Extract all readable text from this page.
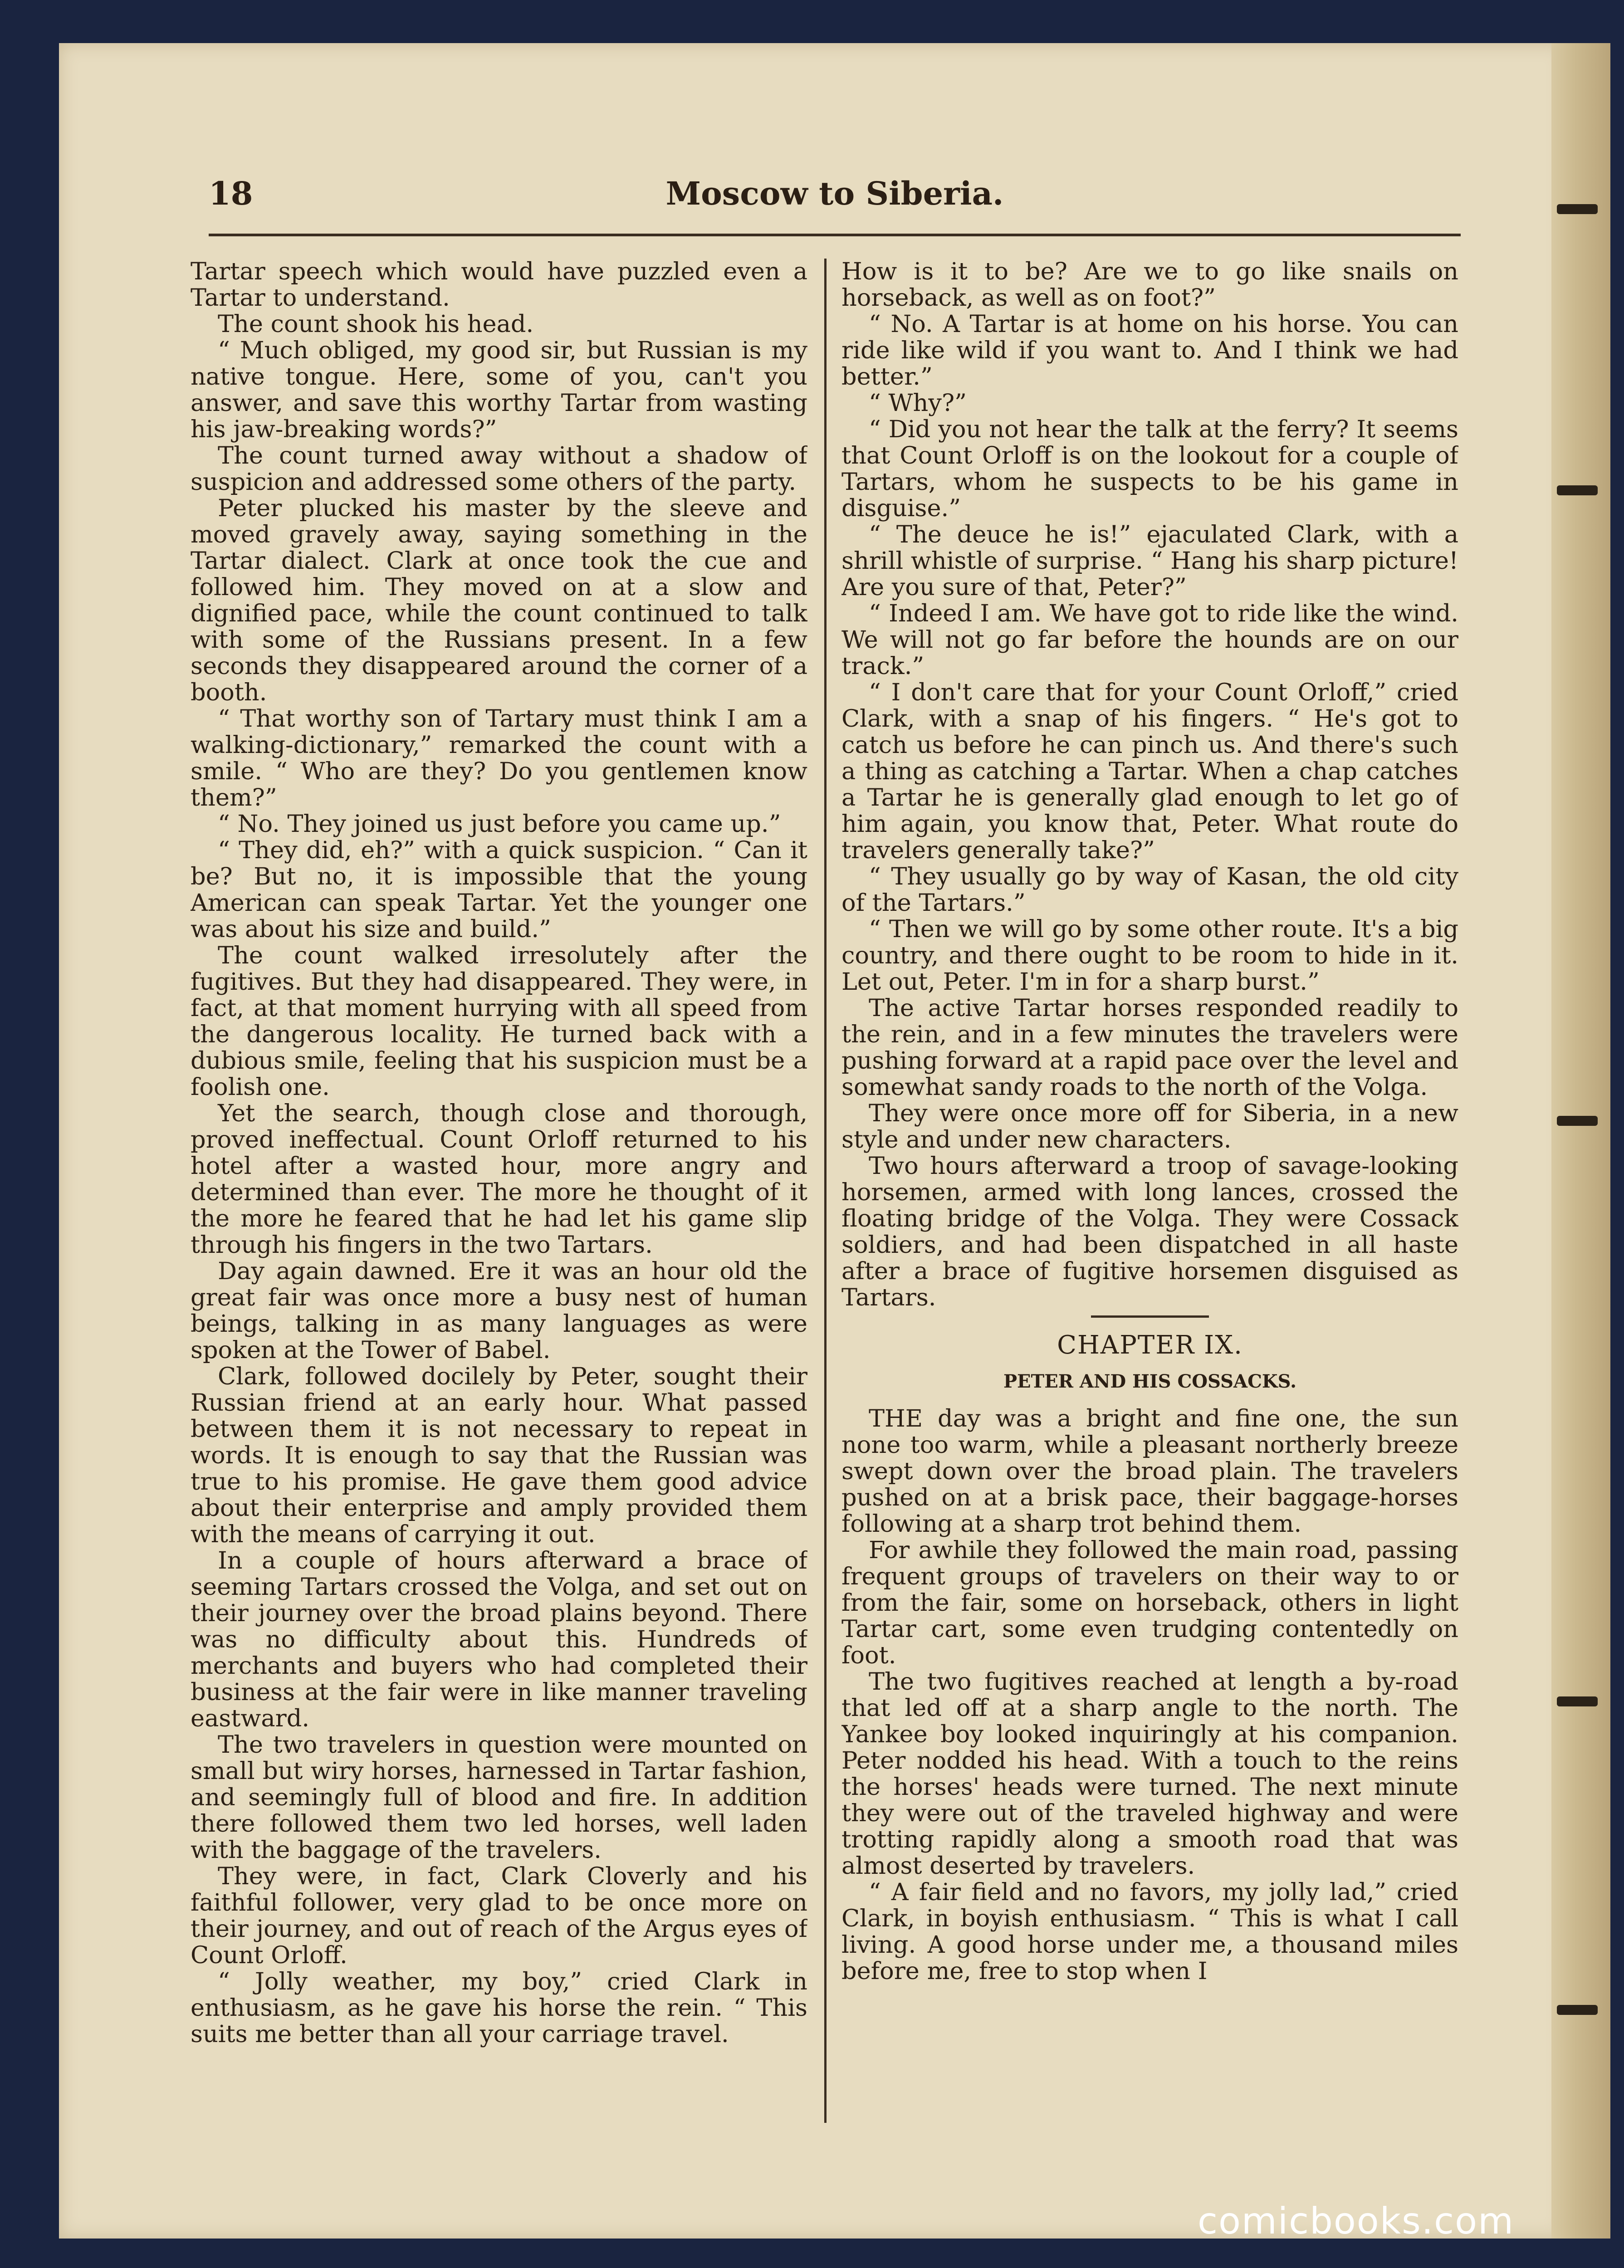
18	Moscow to Siberia.

Tartar speech which would have puzzled even a Tartar to understand.

The count shook his head.

“ Much obliged, my good sir, but Russian is my native tongue. Here, some of you, can't you answer, and save this worthy Tartar from wasting his jaw-breaking words?”

The count turned away without a shadow of suspicion and addressed some others of the party.

Peter plucked his master by the sleeve and moved gravely away, saying something in the Tartar dialect. Clark at once took the cue and followed him. They moved on at a slow and dignified pace, while the count continued to talk with some of the Russians present. In a few seconds they disappeared around the corner of a booth.

“ That worthy son of Tartary must think I am a walking-dictionary,” remarked the count with a smile. “ Who are they? Do you gentlemen know them?”

“ No. They joined us just before you came up.”

“ They did, eh?” with a quick suspicion. “ Can it be? But no, it is impossible that the young American can speak Tartar. Yet the younger one was about his size and build.”

The count walked irresolutely after the fugitives. But they had disappeared. They were, in fact, at that moment hurrying with all speed from the dangerous locality. He turned back with a dubious smile, feeling that his suspicion must be a foolish one.

Yet the search, though close and thorough, proved ineffectual. Count Orloff returned to his hotel after a wasted hour, more angry and determined than ever. The more he thought of it the more he feared that he had let his game slip through his fingers in the two Tartars.

Day again dawned. Ere it was an hour old the great fair was once more a busy nest of human beings, talking in as many languages as were spoken at the Tower of Babel.

Clark, followed docilely by Peter, sought their Russian friend at an early hour. What passed between them it is not necessary to repeat in words. It is enough to say that the Russian was true to his promise. He gave them good advice about their enterprise and amply provided them with the means of carrying it out.

In a couple of hours afterward a brace of seeming Tartars crossed the Volga, and set out on their journey over the broad plains beyond. There was no difficulty about this. Hundreds of merchants and buyers who had completed their business at the fair were in like manner traveling eastward.

The two travelers in question were mounted on small but wiry horses, harnessed in Tartar fashion, and seemingly full of blood and fire. In addition there followed them two led horses, well laden with the baggage of the travelers.

They were, in fact, Clark Cloverly and his faithful follower, very glad to be once more on their journey, and out of reach of the Argus eyes of Count Orloff.

“ Jolly weather, my boy,” cried Clark in enthusiasm, as he gave his horse the rein. “ This suits me better than all your carriage travel.

How is it to be? Are we to go like snails on horseback, as well as on foot?”

“ No. A Tartar is at home on his horse. You can ride like wild if you want to. And I think we had better.”

“ Why?”

“ Did you not hear the talk at the ferry? It seems that Count Orloff is on the lookout for a couple of Tartars, whom he suspects to be his game in disguise.”

“ The deuce he is!” ejaculated Clark, with a shrill whistle of surprise. “ Hang his sharp picture! Are you sure of that, Peter?”

“ Indeed I am. We have got to ride like the wind. We will not go far before the hounds are on our track.”

“ I don't care that for your Count Orloff,” cried Clark, with a snap of his fingers. “ He's got to catch us before he can pinch us. And there's such a thing as catching a Tartar. When a chap catches a Tartar he is generally glad enough to let go of him again, you know that, Peter. What route do travelers generally take?”

“ They usually go by way of Kasan, the old city of the Tartars.”

“ Then we will go by some other route. It's a big country, and there ought to be room to hide in it. Let out, Peter. I'm in for a sharp burst.”

The active Tartar horses responded readily to the rein, and in a few minutes the travelers were pushing forward at a rapid pace over the level and somewhat sandy roads to the north of the Volga.

They were once more off for Siberia, in a new style and under new characters.

Two hours afterward a troop of savage-looking horsemen, armed with long lances, crossed the floating bridge of the Volga. They were Cossack soldiers, and had been dispatched in all haste after a brace of fugitive horsemen disguised as Tartars.

CHAPTER IX.
PETER AND HIS COSSACKS.

THE day was a bright and fine one, the sun none too warm, while a pleasant northerly breeze swept down over the broad plain. The travelers pushed on at a brisk pace, their baggage-horses following at a sharp trot behind them.

For awhile they followed the main road, passing frequent groups of travelers on their way to or from the fair, some on horseback, others in light Tartar cart, some even trudging contentedly on foot.

The two fugitives reached at length a by-road that led off at a sharp angle to the north. The Yankee boy looked inquiringly at his companion. Peter nodded his head. With a touch to the reins the horses' heads were turned. The next minute they were out of the traveled highway and were trotting rapidly along a smooth road that was almost deserted by travelers.

“ A fair field and no favors, my jolly lad,” cried Clark, in boyish enthusiasm. “ This is what I call living. A good horse under me, a thousand miles before me, free to stop when I

comicbooks.com
